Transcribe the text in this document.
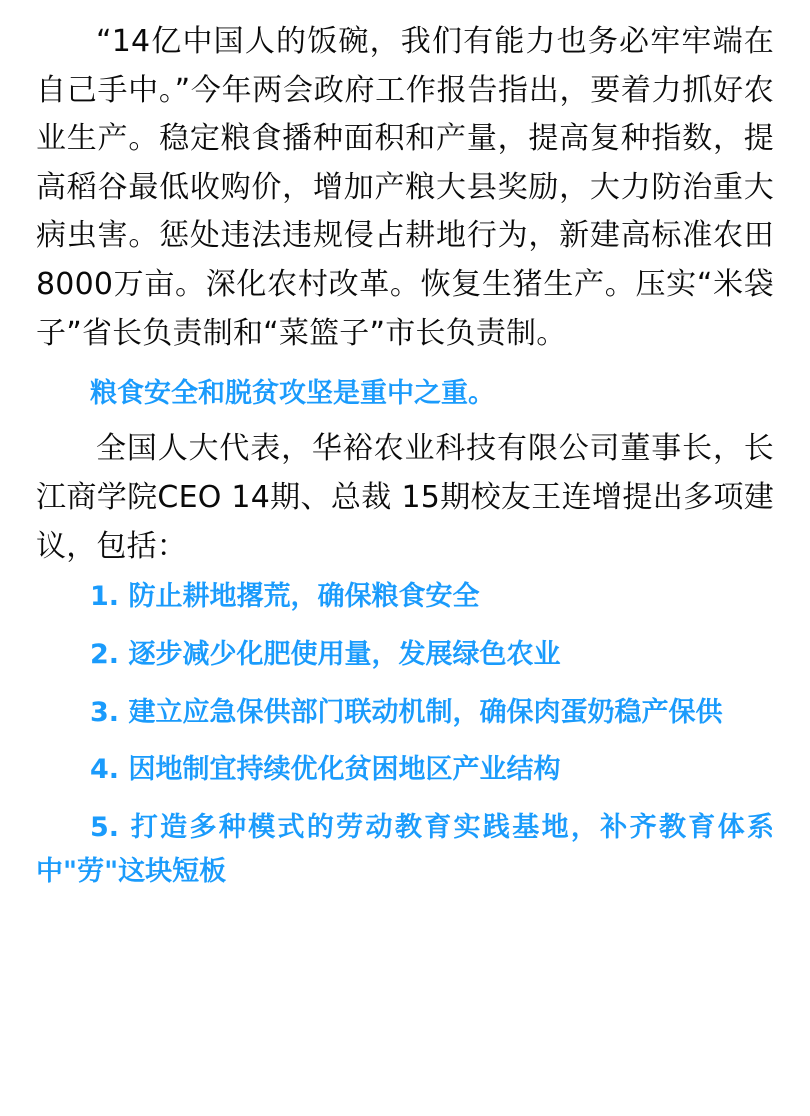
“14亿中国人的饭碗，我们有能力也务必牢牢端在自己手中。”今年两会政府工作报告指出，要着力抓好农业生产。稳定粮食播种面积和产量，提高复种指数，提高稻谷最低收购价，增加产粮大县奖励，大力防治重大病虫害。惩处违法违规侵占耕地行为，新建高标准农田8000万亩。深化农村改革。恢复生猪生产。压实“米袋子”省长负责制和“菜篮子”市长负责制。

粮食安全和脱贫攻坚是重中之重。

全国人大代表，华裕农业科技有限公司董事长，长江商学院CEO 14期、总裁 15期校友王连增提出多项建议，包括：

1. 防止耕地撂荒，确保粮食安全
2. 逐步减少化肥使用量，发展绿色农业
3. 建立应急保供部门联动机制，确保肉蛋奶稳产保供
4. 因地制宜持续优化贫困地区产业结构
5. 打造多种模式的劳动教育实践基地，补齐教育体系中"劳"这块短板
